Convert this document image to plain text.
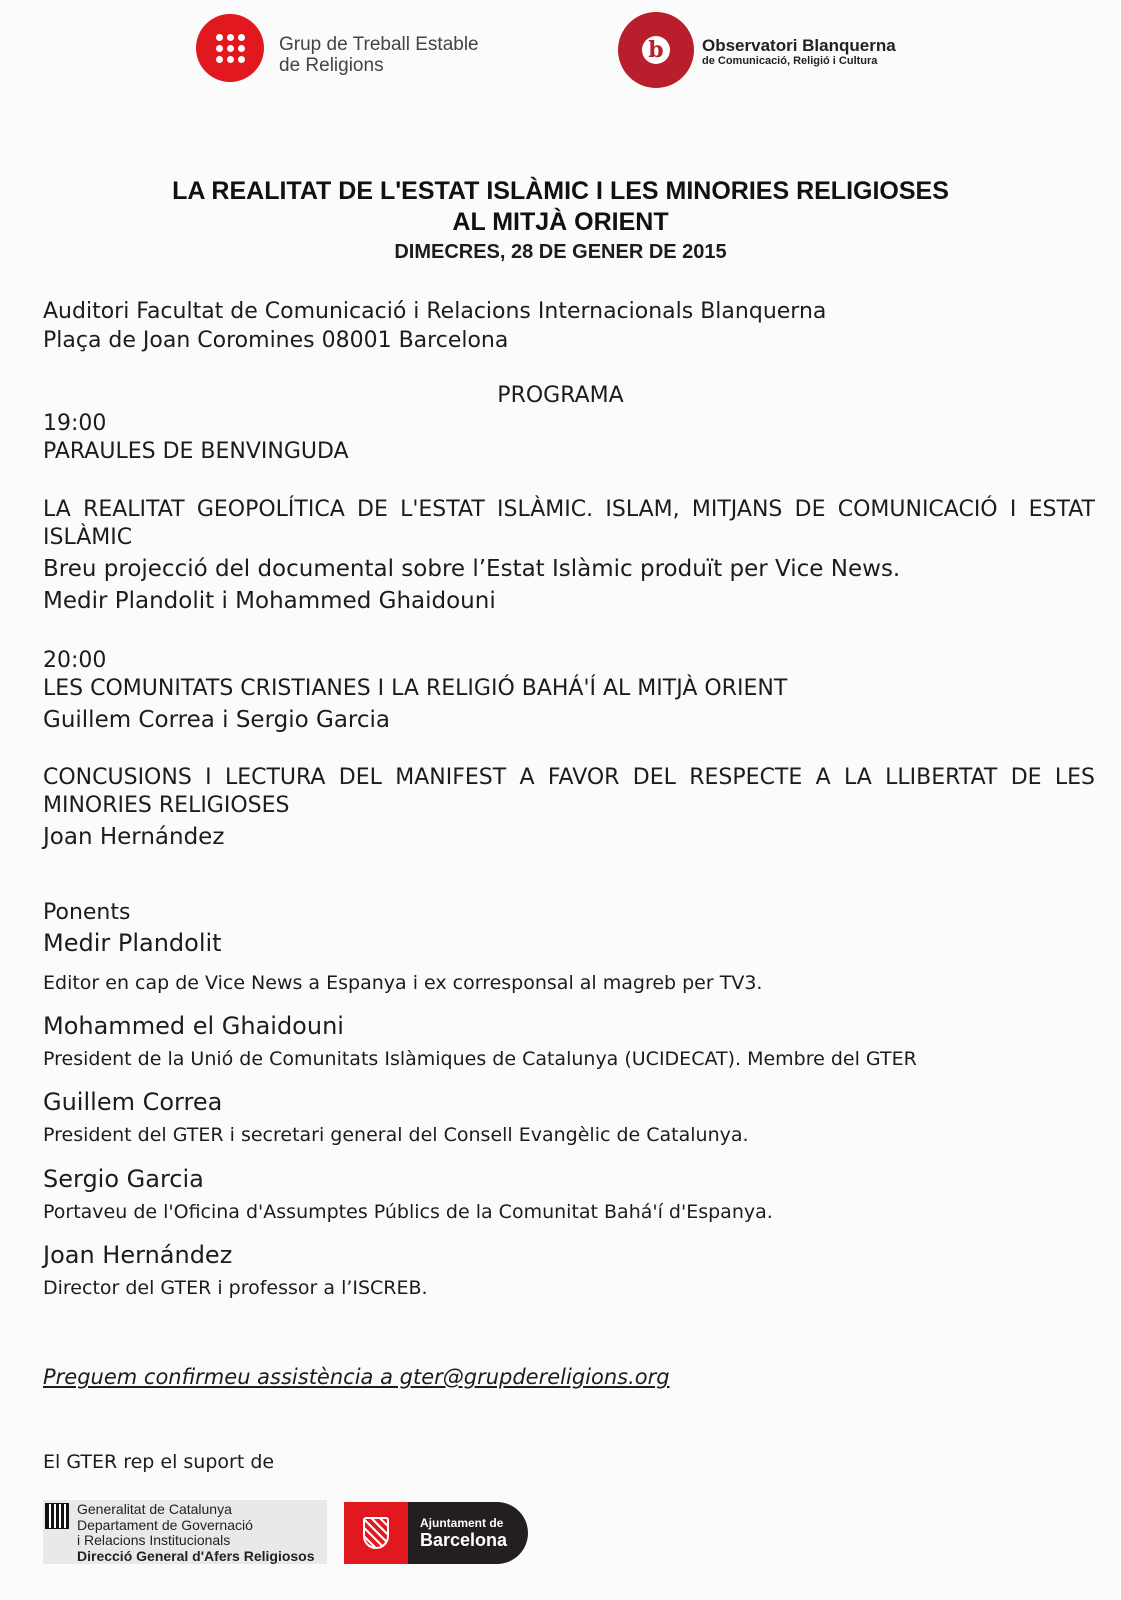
Grup de Treball Estable
de Religions
b	Observatori Blanquerna
de Comunicació, Religió i Cultura
LA REALITAT DE L'ESTAT ISLÀMIC I LES MINORIES RELIGIOSES
AL MITJÀ ORIENT
DIMECRES, 28 DE GENER DE 2015
Auditori Facultat de Comunicació i Relacions Internacionals Blanquerna
Plaça de Joan Coromines 08001 Barcelona
PROGRAMA
19:00
PARAULES DE BENVINGUDA
LA REALITAT GEOPOLÍTICA DE L'ESTAT ISLÀMIC. ISLAM, MITJANS DE COMUNICACIÓ I ESTAT ISLÀMIC
Breu projecció del documental sobre l’Estat Islàmic produït per Vice News.
Medir Plandolit i Mohammed Ghaidouni
20:00
LES COMUNITATS CRISTIANES I LA RELIGIÓ BAHÁ'Í AL MITJÀ ORIENT
Guillem Correa i Sergio Garcia
CONCUSIONS I LECTURA DEL MANIFEST A FAVOR DEL RESPECTE A LA LLIBERTAT DE LES MINORIES RELIGIOSES
Joan Hernández
Ponents
Medir Plandolit
Editor en cap de Vice News a Espanya i ex corresponsal al magreb per TV3.
Mohammed el Ghaidouni
President de la Unió de Comunitats Islàmiques de Catalunya (UCIDECAT). Membre del GTER
Guillem Correa
President del GTER i secretari general del Consell Evangèlic de Catalunya.
Sergio Garcia
Portaveu de l'Oficina d'Assumptes Públics de la Comunitat Bahá'í d'Espanya.
Joan Hernández
Director del GTER i professor a l’ISCREB.
Preguem confirmeu assistència a gter@grupdereligions.org
El GTER rep el suport de
Generalitat de Catalunya
Departament de Governació
i Relacions Institucionals
Direcció General d'Afers Religiosos
Ajuntament de
Barcelona
